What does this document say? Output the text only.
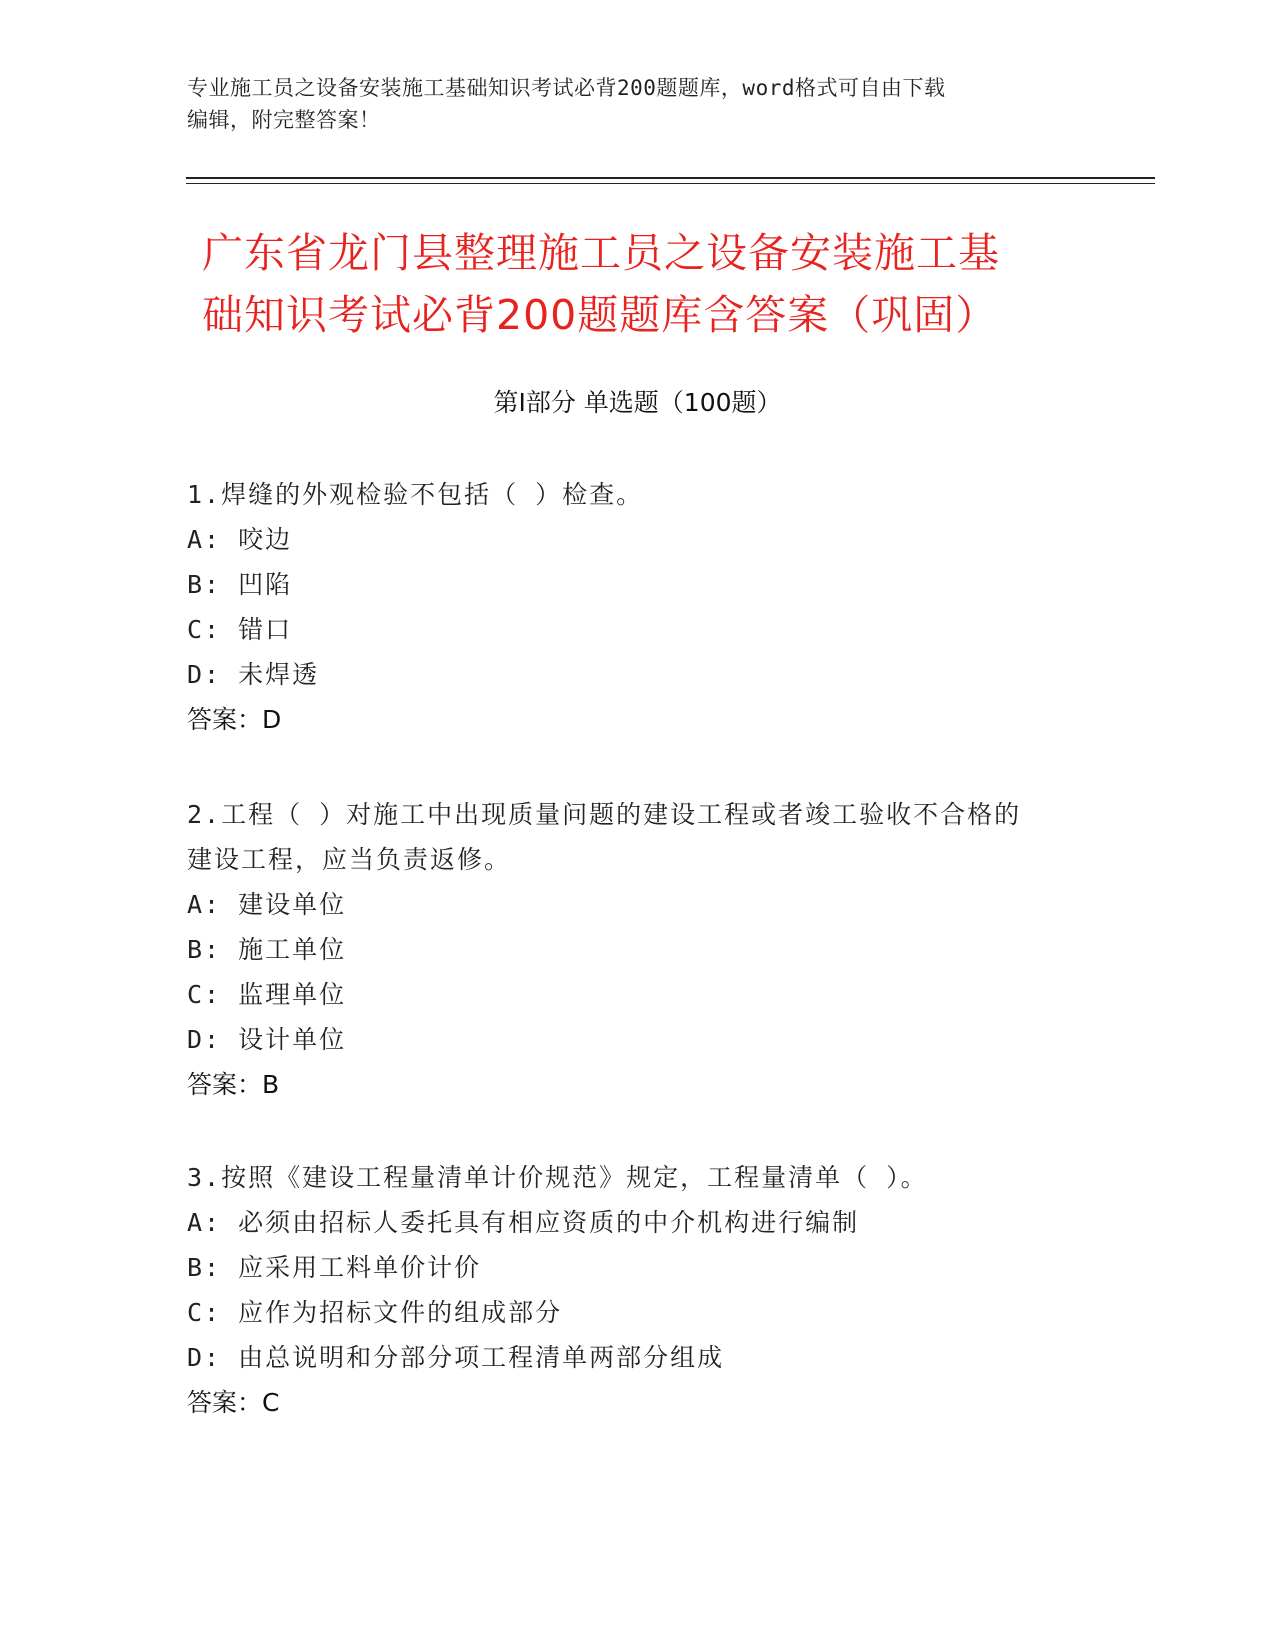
专业施工员之设备安装施工基础知识考试必背200题题库，word格式可自由下载
编辑，附完整答案！
广东省龙门县整理施工员之设备安装施工基
础知识考试必背200题题库含答案（巩固）
第I部分 单选题（100题）

1.焊缝的外观检验不包括（ ）检查。

A: 咬边

B: 凹陷

C: 错口

D: 未焊透

答案：D

2.工程（ ）对施工中出现质量问题的建设工程或者竣工验收不合格的

建设工程，应当负责返修。

A: 建设单位

B: 施工单位

C: 监理单位

D: 设计单位

答案：B

3.按照《建设工程量清单计价规范》规定，工程量清单（ ）。

A: 必须由招标人委托具有相应资质的中介机构进行编制

B: 应采用工料单价计价

C: 应作为招标文件的组成部分

D: 由总说明和分部分项工程清单两部分组成

答案：C
